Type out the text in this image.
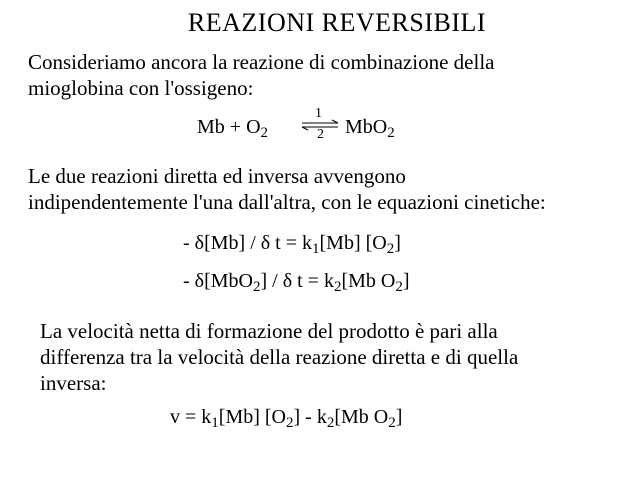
REAZIONI REVERSIBILI
Consideriamo ancora la reazione di combinazione della
mioglobina con l'ossigeno:
$Mb + O_2$
1
2 MbO$_2$
Le due reazioni diretta ed inversa avvengono
indipendentemente l'una dall'altra, con le equazioni cinetiche:
- δ[Mb] / δ $t = k_1[Mb]$ $[O_2]$
- δ[MbO$_2$] / δ $t = k_2[Mb$ $O_2$]
La velocità netta di formazione del prodotto è pari alla
differenza tra la velocità della reazione diretta e di quella
inversa:
$v = k_1[Mb]$ $[O_2] - k_2[Mb$ $O_2$]
